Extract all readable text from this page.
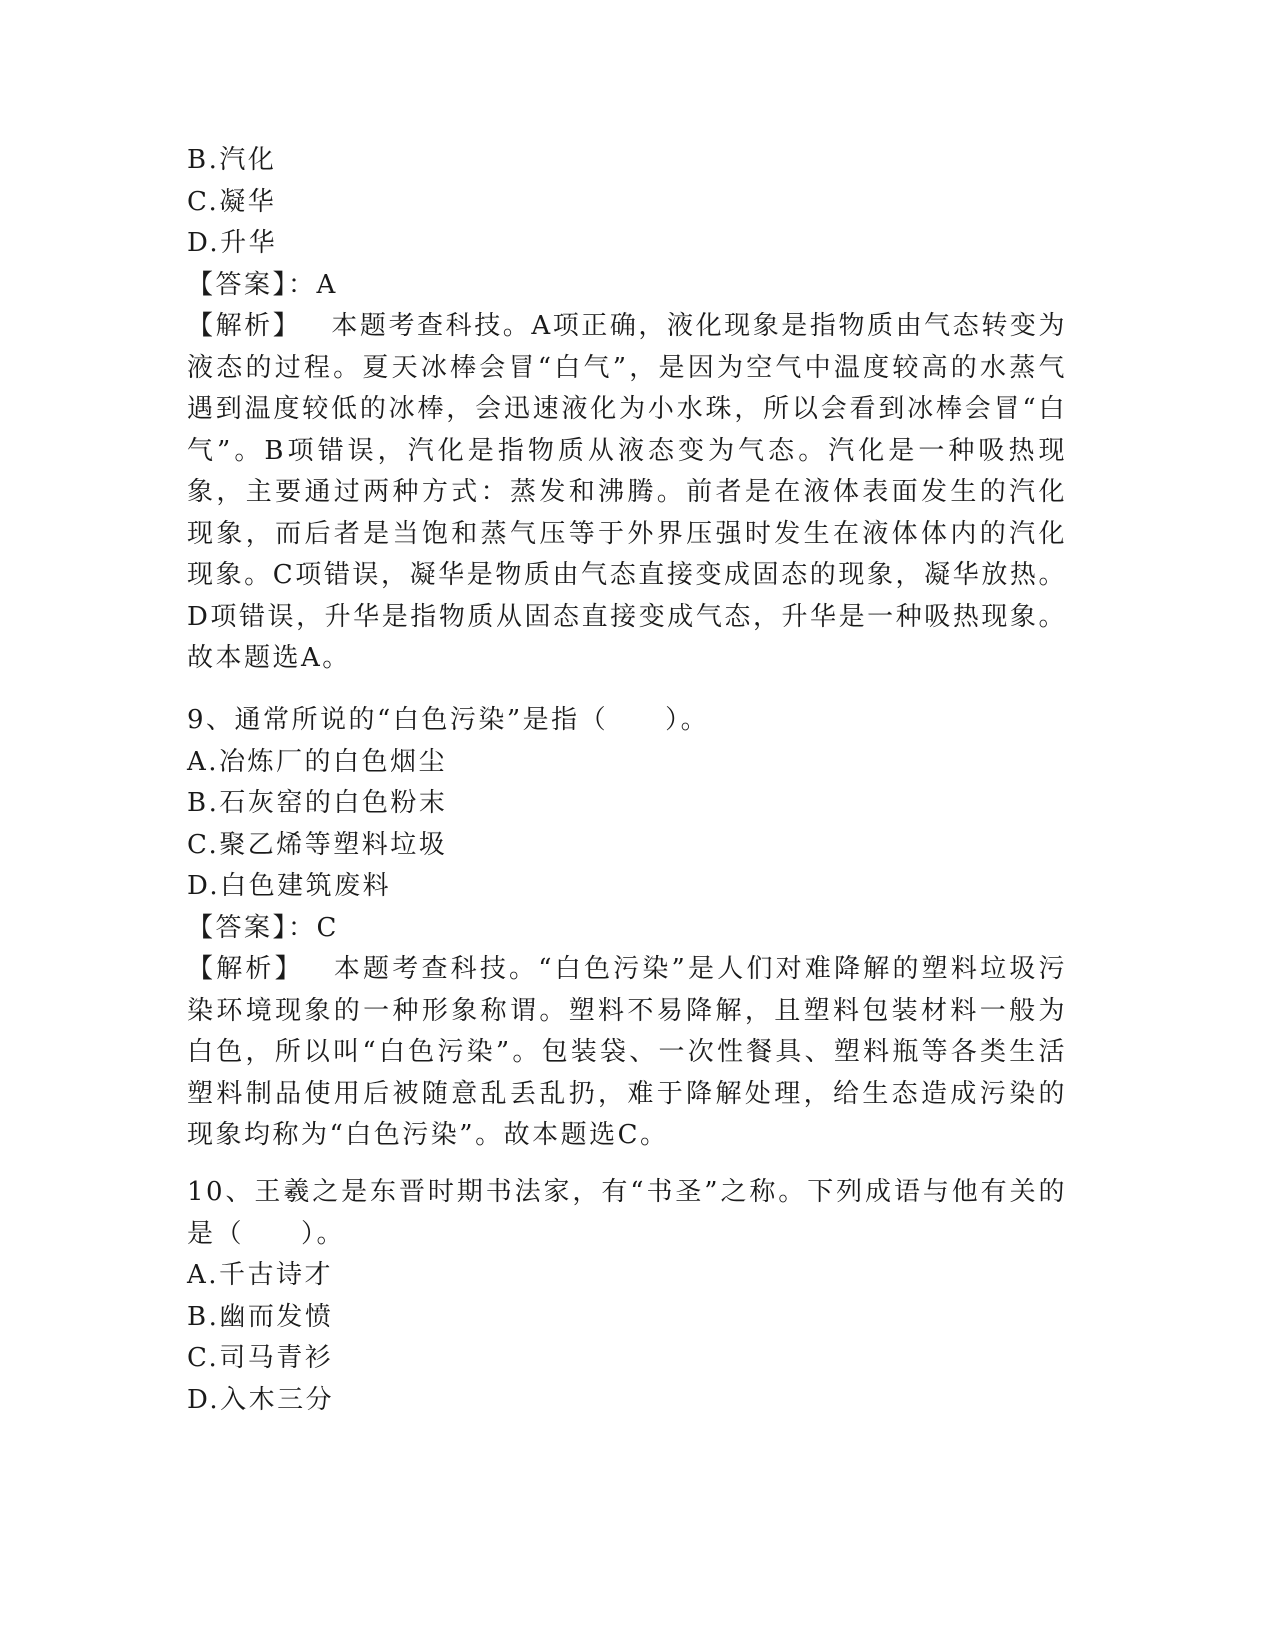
B.汽化
C.凝华
D.升华
【答案】：A
【解析】 本题考查科技。A项正确，液化现象是指物质由气态转变为液态的过程。夏天冰棒会冒“白气”，是因为空气中温度较高的水蒸气遇到温度较低的冰棒，会迅速液化为小水珠，所以会看到冰棒会冒“白气”。B项错误，汽化是指物质从液态变为气态。汽化是一种吸热现象，主要通过两种方式：蒸发和沸腾。前者是在液体表面发生的汽化现象，而后者是当饱和蒸气压等于外界压强时发生在液体体内的汽化现象。C项错误，凝华是物质由气态直接变成固态的现象，凝华放热。D项错误，升华是指物质从固态直接变成气态，升华是一种吸热现象。故本题选A。
9、通常所说的“白色污染”是指（　　）。
A.冶炼厂的白色烟尘
B.石灰窑的白色粉末
C.聚乙烯等塑料垃圾
D.白色建筑废料
【答案】：C
【解析】 本题考查科技。“白色污染”是人们对难降解的塑料垃圾污染环境现象的一种形象称谓。塑料不易降解，且塑料包装材料一般为白色，所以叫“白色污染”。包装袋、一次性餐具、塑料瓶等各类生活塑料制品使用后被随意乱丢乱扔，难于降解处理，给生态造成污染的现象均称为“白色污染”。故本题选C。
10、王羲之是东晋时期书法家，有“书圣”之称。下列成语与他有关的是（　　）。
A.千古诗才
B.幽而发愤
C.司马青衫
D.入木三分
